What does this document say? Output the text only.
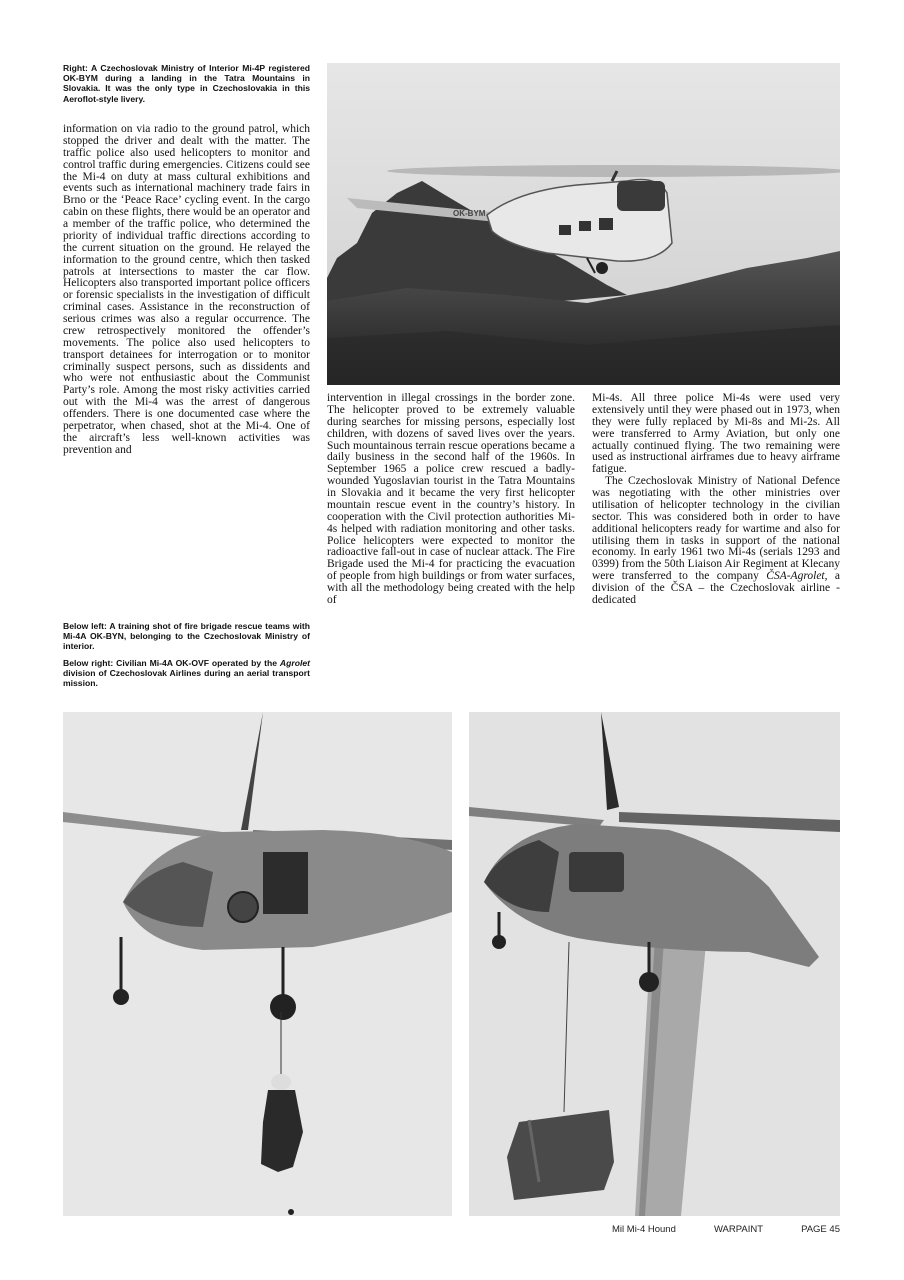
Right: A Czechoslovak Ministry of Interior Mi-4P registered OK-BYM during a landing in the Tatra Mountains in Slovakia. It was the only type in Czechoslovakia in this Aeroflot-style livery.

information on via radio to the ground patrol, which stopped the driver and dealt with the matter. The traffic police also used helicopters to monitor and control traffic during emergencies. Citizens could see the Mi-4 on duty at mass cultural exhibitions and events such as international machinery trade fairs in Brno or the ‘Peace Race’ cycling event. In the cargo cabin on these flights, there would be an operator and a member of the traffic police, who determined the priority of individual traffic directions according to the current situation on the ground. He relayed the information to the ground centre, which then tasked patrols at intersections to master the car flow. Helicopters also transported important police officers or forensic specialists in the investigation of difficult criminal cases. Assistance in the reconstruction of serious crimes was also a regular occurrence. The crew retrospectively monitored the offender’s movements. The police also used helicopters to transport detainees for interrogation or to monitor criminally suspect persons, such as dissidents and who were not enthusiastic about the Communist Party’s role. Among the most risky activities carried out with the Mi-4 was the arrest of dangerous offenders. There is one documented case where the perpetrator, when chased, shot at the Mi-4. One of the aircraft’s less well-known activities was prevention and

Below left: A training shot of fire brigade rescue teams with Mi-4A OK-BYN, belonging to the Czechoslovak Ministry of interior.

Below right: Civilian Mi-4A OK-OVF operated by the Agrolet division of Czechoslovak Airlines during an aerial transport mission.

intervention in illegal crossings in the border zone. The helicopter proved to be extremely valuable during searches for missing persons, especially lost children, with dozens of saved lives over the years. Such mountainous terrain rescue operations became a daily business in the second half of the 1960s. In September 1965 a police crew rescued a badly-wounded Yugoslavian tourist in the Tatra Mountains in Slovakia and it became the very first helicopter mountain rescue event in the country’s history. In cooperation with the Civil protection authorities Mi-4s helped with radiation monitoring and other tasks. Police helicopters were expected to monitor the radioactive fall-out in case of nuclear attack. The Fire Brigade used the Mi-4 for practicing the evacuation of people from high buildings or from water surfaces, with all the methodology being created with the help of

Mi-4s. All three police Mi-4s were used very extensively until they were phased out in 1973, when they were fully replaced by Mi-8s and Mi-2s. All were transferred to Army Aviation, but only one actually continued flying. The two remaining were used as instructional airframes due to heavy airframe fatigue.

The Czechoslovak Ministry of National Defence was negotiating with the other ministries over utilisation of helicopter technology in the civilian sector. This was considered both in order to have additional helicopters ready for wartime and also for utilising them in tasks in support of the national economy. In early 1961 two Mi-4s (serials 1293 and 0399) from the 50th Liaison Air Regiment at Klecany were transferred to the company ČSA-Agrolet, a division of the ČSA – the Czechoslovak airline - dedicated

OK-BYM
Mil Mi-4 Hound	WARPAINT	PAGE 45
